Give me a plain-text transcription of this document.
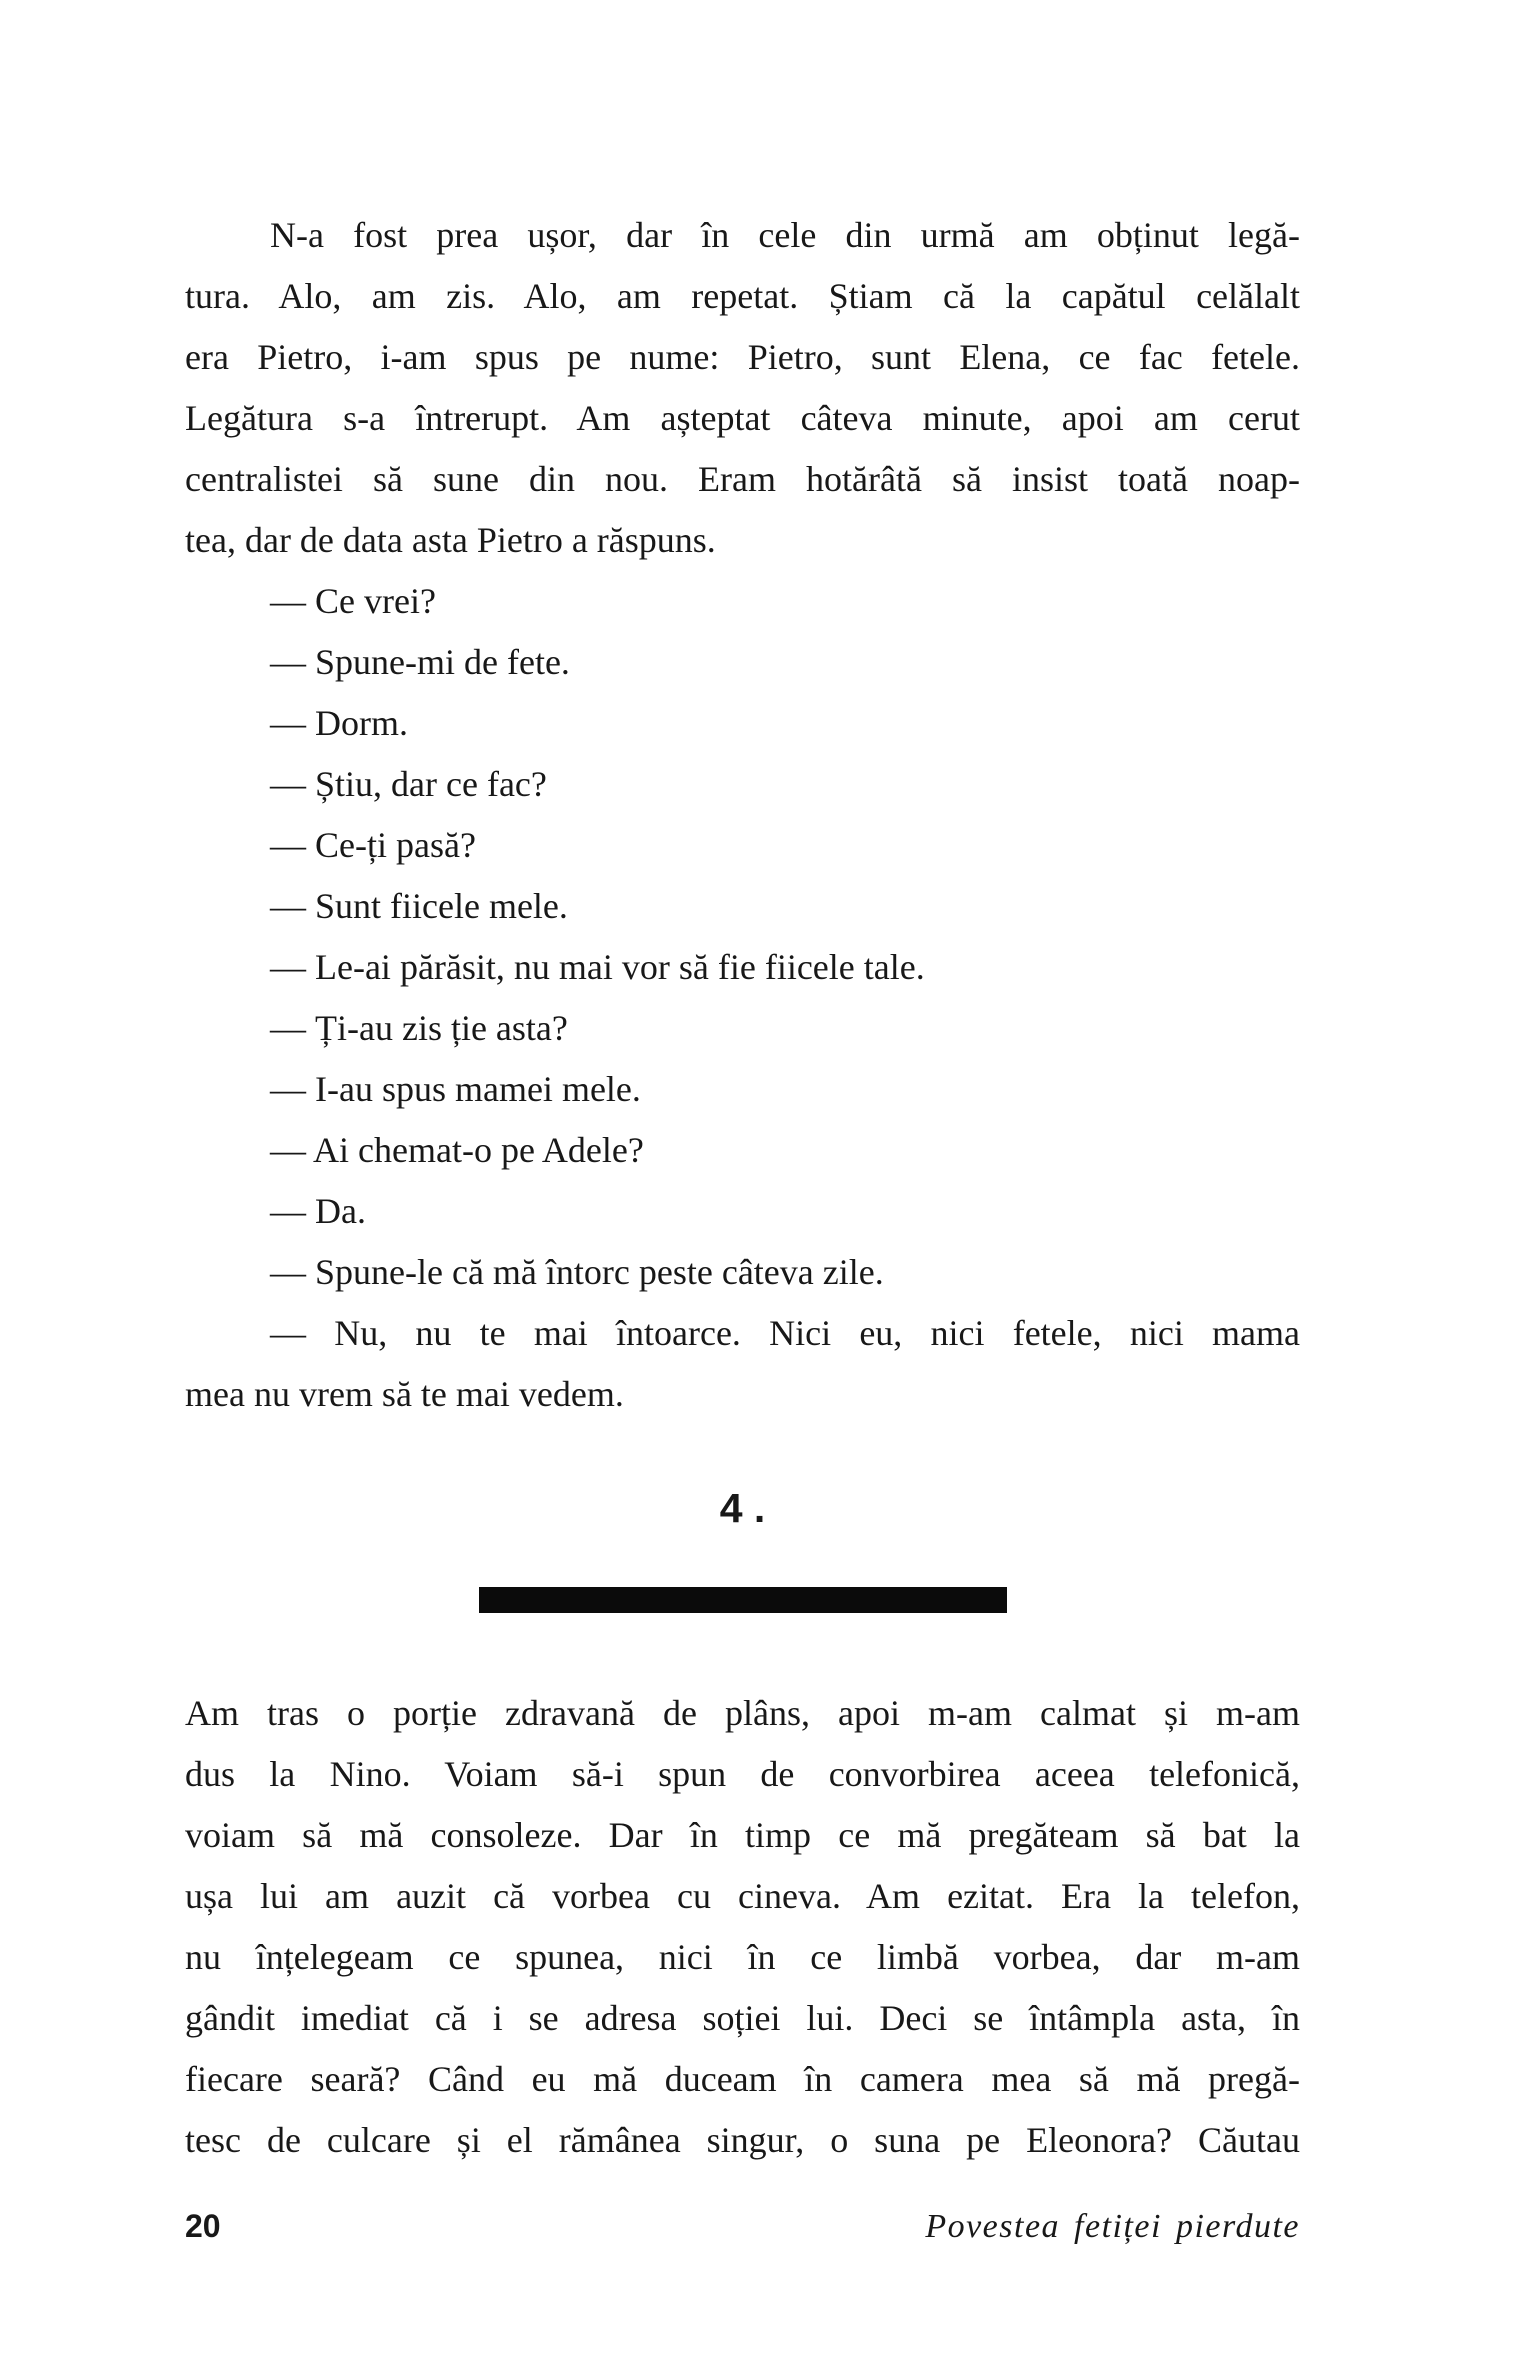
N-a fost prea ușor, dar în cele din urmă am obținut legă-
tura. Alo, am zis. Alo, am repetat. Știam că la capătul celălalt
era Pietro, i-am spus pe nume: Pietro, sunt Elena, ce fac fetele.
Legătura s-a întrerupt. Am așteptat câteva minute, apoi am cerut
centralistei să sune din nou. Eram hotărâtă să insist toată noap-
tea, dar de data asta Pietro a răspuns.
— Ce vrei?
— Spune-mi de fete.
— Dorm.
— Știu, dar ce fac?
— Ce-ți pasă?
— Sunt fiicele mele.
— Le-ai părăsit, nu mai vor să fie fiicele tale.
— Ți-au zis ție asta?
— I-au spus mamei mele.
— Ai chemat-o pe Adele?
— Da.
— Spune-le că mă întorc peste câteva zile.
— Nu, nu te mai întoarce. Nici eu, nici fetele, nici mama
mea nu vrem să te mai vedem.
4 .
Am tras o porție zdravană de plâns, apoi m-am calmat și m-am
dus la Nino. Voiam să-i spun de convorbirea aceea telefonică,
voiam să mă consoleze. Dar în timp ce mă pregăteam să bat la
ușa lui am auzit că vorbea cu cineva. Am ezitat. Era la telefon,
nu înțelegeam ce spunea, nici în ce limbă vorbea, dar m-am
gândit imediat că i se adresa soției lui. Deci se întâmpla asta, în
fiecare seară? Când eu mă duceam în camera mea să mă pregă-
tesc de culcare și el rămânea singur, o suna pe Eleonora? Căutau
20	Povestea fetiței pierdute
